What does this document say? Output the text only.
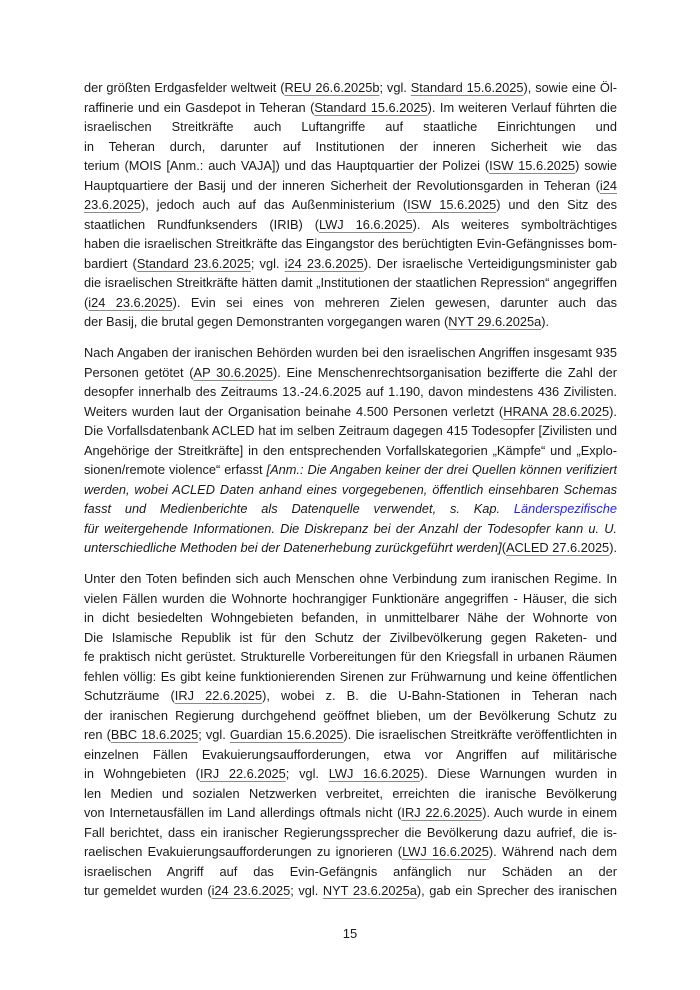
der größten Erdgasfelder weltweit (REU 26.6.2025b; vgl. Standard 15.6.2025), sowie eine Öl-
raffinerie und ein Gasdepot in Teheran (Standard 15.6.2025). Im weiteren Verlauf führten die
israelischen Streitkräfte auch Luftangriffe auf staatliche Einrichtungen und
in Teheran durch, darunter auf Institutionen der inneren Sicherheit wie das
terium (MOIS [Anm.: auch VAJA]) und das Hauptquartier der Polizei (ISW 15.6.2025) sowie
Hauptquartiere der Basij und der inneren Sicherheit der Revolutionsgarden in Teheran (i24
23.6.2025), jedoch auch auf das Außenministerium (ISW 15.6.2025) und den Sitz des
staatlichen Rundfunksenders (IRIB) (LWJ 16.6.2025). Als weiteres symbolträchtiges
haben die israelischen Streitkräfte das Eingangstor des berüchtigten Evin-Gefängnisses bom-
bardiert (Standard 23.6.2025; vgl. i24 23.6.2025). Der israelische Verteidigungsminister gab
die israelischen Streitkräfte hätten damit „Institutionen der staatlichen Repression“ angegriffen
(i24 23.6.2025). Evin sei eines von mehreren Zielen gewesen, darunter auch das
der Basij, die brutal gegen Demonstranten vorgegangen waren (NYT 29.6.2025a).
Nach Angaben der iranischen Behörden wurden bei den israelischen Angriffen insgesamt 935
Personen getötet (AP 30.6.2025). Eine Menschenrechtsorganisation bezifferte die Zahl der
desopfer innerhalb des Zeitraums 13.-24.6.2025 auf 1.190, davon mindestens 436 Zivilisten.
Weiters wurden laut der Organisation beinahe 4.500 Personen verletzt (HRANA 28.6.2025).
Die Vorfallsdatenbank ACLED hat im selben Zeitraum dagegen 415 Todesopfer [Zivilisten und
Angehörige der Streitkräfte] in den entsprechenden Vorfallskategorien „Kämpfe“ und „Explo-
sionen/remote violence“ erfasst [Anm.: Die Angaben keiner der drei Quellen können verifiziert
werden, wobei ACLED Daten anhand eines vorgegebenen, öffentlich einsehbaren Schemas
fasst und Medienberichte als Datenquelle verwendet, s. Kap. Länderspezifische
für weitergehende Informationen. Die Diskrepanz bei der Anzahl der Todesopfer kann u. U.
unterschiedliche Methoden bei der Datenerhebung zurückgeführt werden](ACLED 27.6.2025).
Unter den Toten befinden sich auch Menschen ohne Verbindung zum iranischen Regime. In
vielen Fällen wurden die Wohnorte hochrangiger Funktionäre angegriffen - Häuser, die sich
in dicht besiedelten Wohngebieten befanden, in unmittelbarer Nähe der Wohnorte von
Die Islamische Republik ist für den Schutz der Zivilbevölkerung gegen Raketen- und
fe praktisch nicht gerüstet. Strukturelle Vorbereitungen für den Kriegsfall in urbanen Räumen
fehlen völlig: Es gibt keine funktionierenden Sirenen zur Frühwarnung und keine öffentlichen
Schutzräume (IRJ 22.6.2025), wobei z. B. die U-Bahn-Stationen in Teheran nach
der iranischen Regierung durchgehend geöffnet blieben, um der Bevölkerung Schutz zu
ren (BBC 18.6.2025; vgl. Guardian 15.6.2025). Die israelischen Streitkräfte veröffentlichten in
einzelnen Fällen Evakuierungsaufforderungen, etwa vor Angriffen auf militärische
in Wohngebieten (IRJ 22.6.2025; vgl. LWJ 16.6.2025). Diese Warnungen wurden in
len Medien und sozialen Netzwerken verbreitet, erreichten die iranische Bevölkerung
von Internetausfällen im Land allerdings oftmals nicht (IRJ 22.6.2025). Auch wurde in einem
Fall berichtet, dass ein iranischer Regierungssprecher die Bevölkerung dazu aufrief, die is-
raelischen Evakuierungsaufforderungen zu ignorieren (LWJ 16.6.2025). Während nach dem
israelischen Angriff auf das Evin-Gefängnis anfänglich nur Schäden an der
tur gemeldet wurden (i24 23.6.2025; vgl. NYT 23.6.2025a), gab ein Sprecher des iranischen
15
